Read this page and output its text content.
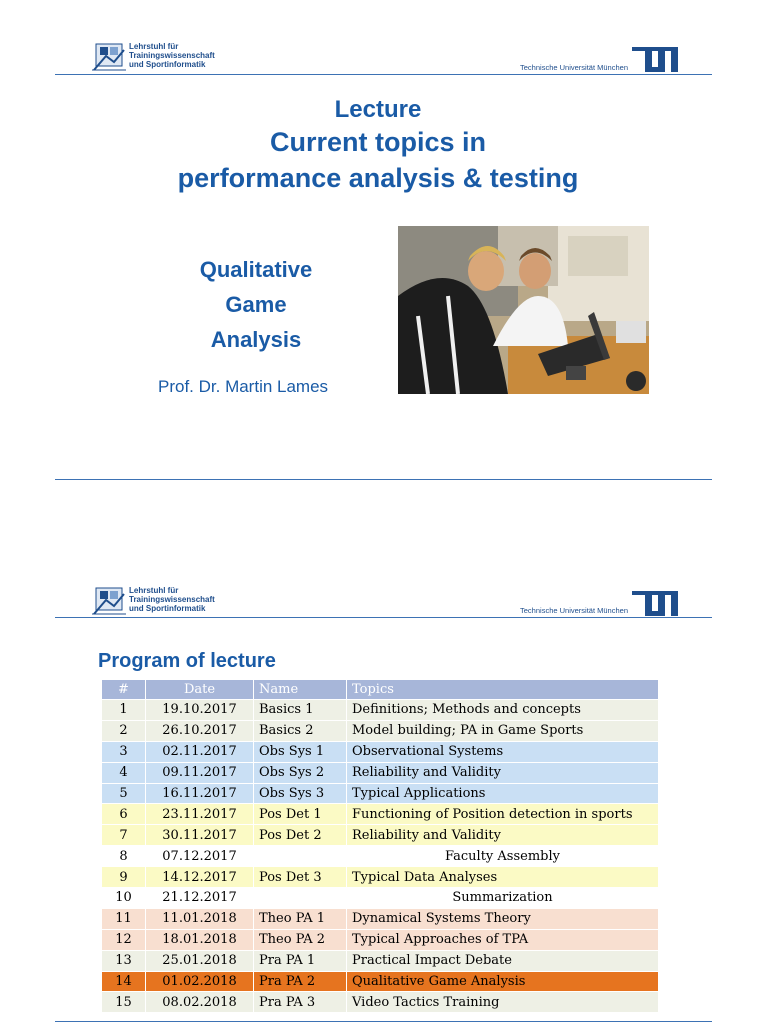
Lehrstuhl für
Trainingswissenschaft
und Sportinformatik	Technische Universität München
Lecture
Current topics in
performance analysis & testing
Qualitative
Game
Analysis
Prof. Dr. Martin Lames
Lehrstuhl für
Trainingswissenschaft
und Sportinformatik	Technische Universität München
Program of lecture
#	Date	Name	Topics
1	19.10.2017	Basics 1	Definitions; Methods and concepts
2	26.10.2017	Basics 2	Model building; PA in Game Sports
3	02.11.2017	Obs Sys 1	Observational Systems
4	09.11.2017	Obs Sys 2	Reliability and Validity
5	16.11.2017	Obs Sys 3	Typical Applications
6	23.11.2017	Pos Det 1	Functioning of Position detection in sports
7	30.11.2017	Pos Det 2	Reliability and Validity
8	07.12.2017		Faculty Assembly
9	14.12.2017	Pos Det 3	Typical Data Analyses
10	21.12.2017		Summarization
11	11.01.2018	Theo PA 1	Dynamical Systems Theory
12	18.01.2018	Theo PA 2	Typical Approaches of TPA
13	25.01.2018	Pra PA 1	Practical Impact Debate
14	01.02.2018	Pra PA 2	Qualitative Game Analysis
15	08.02.2018	Pra PA 3	Video Tactics Training
